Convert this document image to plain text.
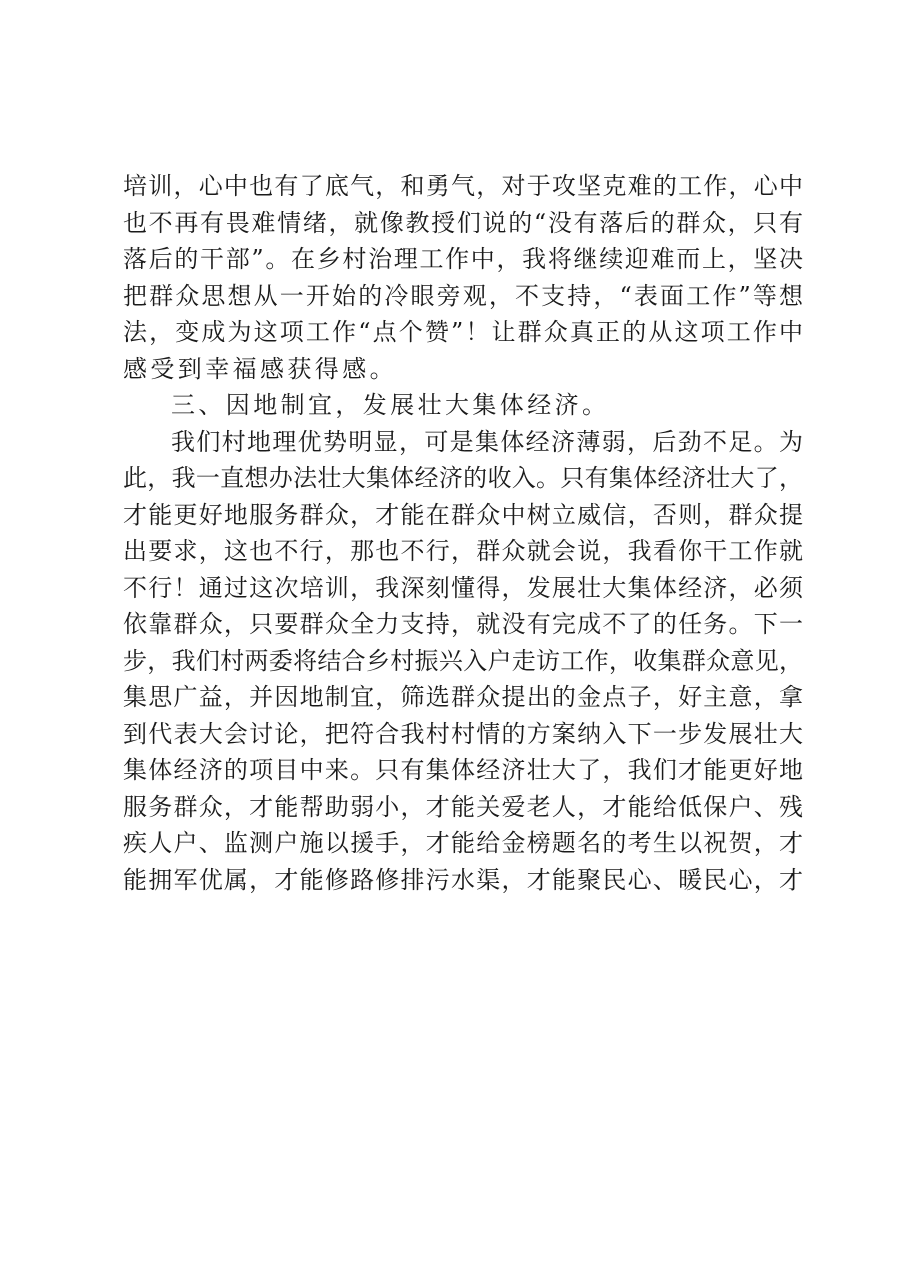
培训，心中也有了底气，和勇气，对于攻坚克难的工作，心中
也不再有畏难情绪，就像教授们说的“没有落后的群众，只有
落后的干部”。在乡村治理工作中，我将继续迎难而上，坚决
把群众思想从一开始的冷眼旁观，不支持，“表面工作”等想
法，变成为这项工作“点个赞”！让群众真正的从这项工作中
感受到幸福感获得感。
三、因地制宜，发展壮大集体经济。
我们村地理优势明显，可是集体经济薄弱，后劲不足。为
此，我一直想办法壮大集体经济的收入。只有集体经济壮大了，
才能更好地服务群众，才能在群众中树立威信，否则，群众提
出要求，这也不行，那也不行，群众就会说，我看你干工作就
不行！通过这次培训，我深刻懂得，发展壮大集体经济，必须
依靠群众，只要群众全力支持，就没有完成不了的任务。下一
步，我们村两委将结合乡村振兴入户走访工作，收集群众意见，
集思广益，并因地制宜，筛选群众提出的金点子，好主意，拿
到代表大会讨论，把符合我村村情的方案纳入下一步发展壮大
集体经济的项目中来。只有集体经济壮大了，我们才能更好地
服务群众，才能帮助弱小，才能关爱老人，才能给低保户、残
疾人户、监测户施以援手，才能给金榜题名的考生以祝贺，才
能拥军优属，才能修路修排污水渠，才能聚民心、暖民心，才
